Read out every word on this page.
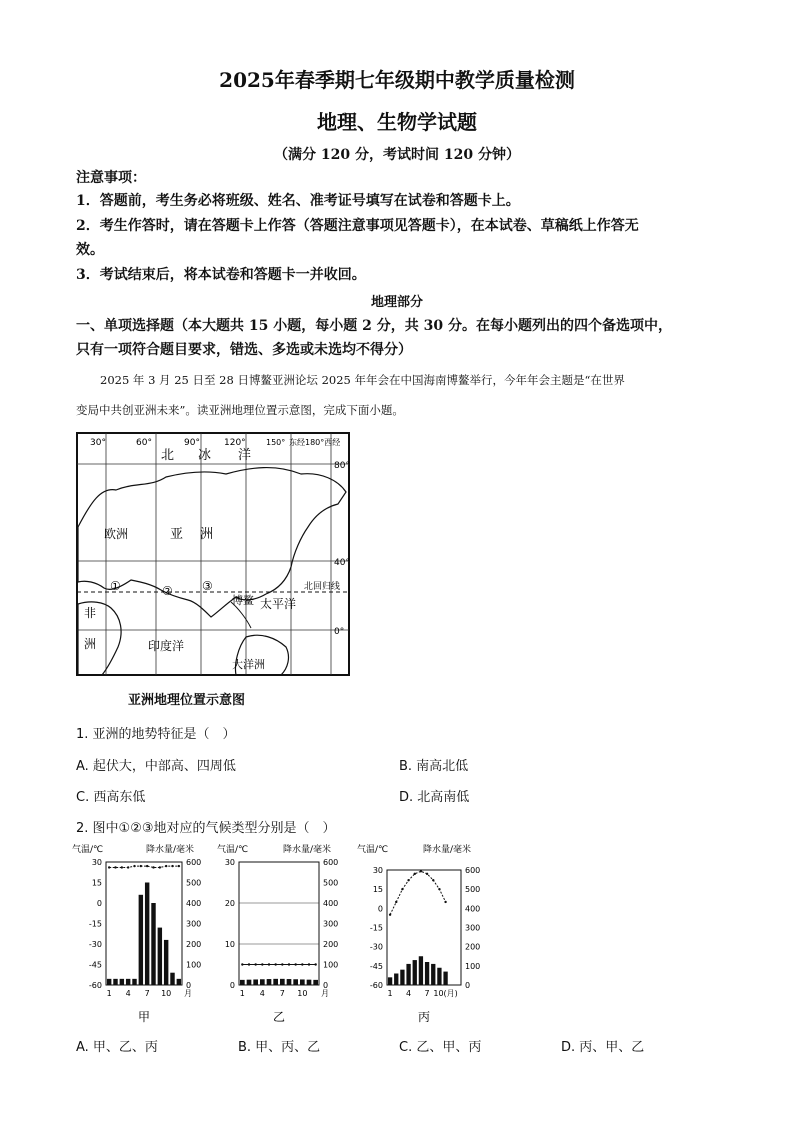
2025年春季期七年级期中教学质量检测
地理、生物学试题
（满分 120 分，考试时间 120 分钟）
注意事项：
1．答题前，考生务必将班级、姓名、准考证号填写在试卷和答题卡上。
2．考生作答时，请在答题卡上作答（答题注意事项见答题卡），在本试卷、草稿纸上作答无
效。
3．考试结束后，将本试卷和答题卡一并收回。
地理部分
一、单项选择题（本大题共 15 小题，每小题 2 分，共 30 分。在每小题列出的四个备选项中，
只有一项符合题目要求，错选、多选或未选均不得分）
2025 年 3 月 25 日至 28 日博鳌亚洲论坛 2025 年年会在中国海南博鳌举行，今年年会主题是“在世界
变局中共创亚洲未来”。读亚洲地理位置示意图，完成下面小题。
30°	60°	90°	120°	150° 东经180°西经
80°
40°
0°
北回归线
北 冰 洋
欧洲	亚 洲
非
洲	印度洋
博鳌 太平洋
大洋洲
①	② ③
亚洲地理位置示意图
1. 亚洲的地势特征是（　）
A. 起伏大，中部高、四周低	B. 南高北低
C. 西高东低	D. 北高南低
2. 图中①②③地对应的气候类型分别是（　）
气温/℃	降水量/毫米
30
15
0
-15
-30
-45
-60
600
500
400
300
200
100
0
1 4 7 10 月
甲
气温/℃	降水量/毫米
30
20
10
0
600
500
400
300
200
100
0
1 4 7 10 月
乙
气温/℃	降水量/毫米
30
15
0
-15
-30
-45
-60
600
500
400
300
200
100
0
1 4 7 10(月)
丙
A. 甲、乙、丙	B. 甲、丙、乙	C. 乙、甲、丙	D. 丙、甲、乙
